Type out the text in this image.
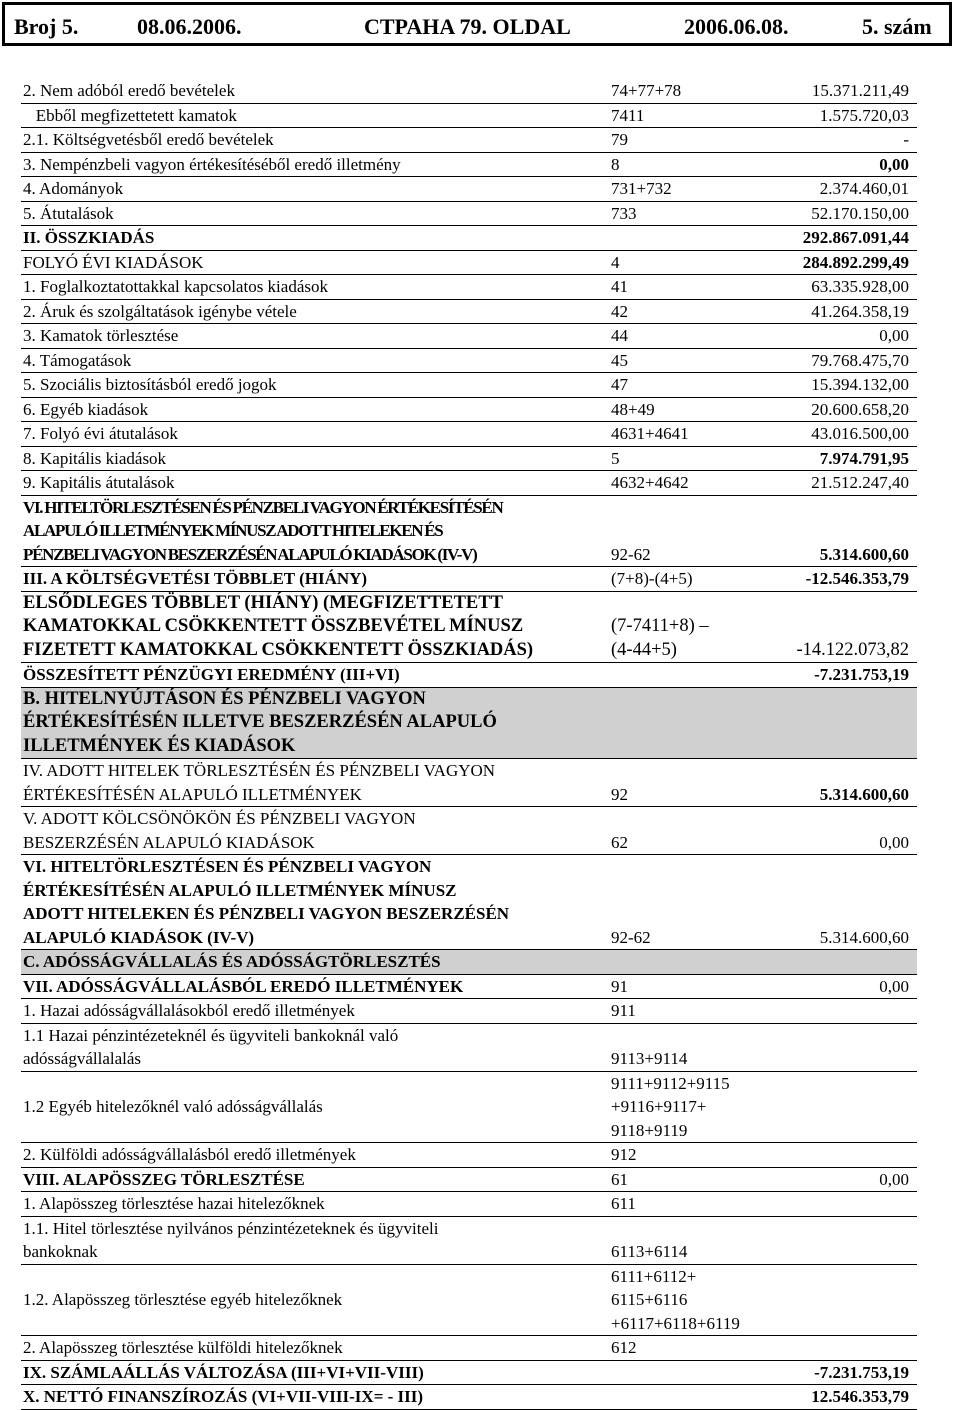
Broj 5.	08.06.2006.	CTPAHA 79. OLDAL	2006.06.08.	5. szám
2. Nem adóból eredő bevételek	74+77+78	15.371.211,49

Ebből megfizettetett kamatok	7411	1.575.720,03

2.1. Költségvetésből eredő bevételek	79	-

3. Nempénzbeli vagyon értékesítéséből eredő illetmény	8	0,00

4. Adományok	731+732	2.374.460,01

5. Átutalások	733	52.170.150,00

II. ÖSSZKIADÁS		292.867.091,44

FOLYÓ ÉVI KIADÁSOK	4	284.892.299,49

1. Foglalkoztatottakkal kapcsolatos kiadások	41	63.335.928,00

2. Áruk és szolgáltatások igénybe vétele	42	41.264.358,19

3. Kamatok törlesztése	44	0,00

4. Támogatások	45	79.768.475,70

5. Szociális biztosításból eredő jogok	47	15.394.132,00

6. Egyéb kiadások	48+49	20.600.658,20

7. Folyó évi átutalások	4631+4641	43.016.500,00

8. Kapitális kiadások	5	7.974.791,95

9. Kapitális átutalások	4632+4642	21.512.247,40

VI. HITELTÖRLESZTÉSEN ÉS PÉNZBELI VAGYON ÉRTÉKESÍTÉSÉN
ALAPULÓ ILLETMÉNYEK MÍNUSZ ADOTT HITELEKEN ÉS
PÉNZBELI VAGYON BESZERZÉSÉN ALAPULÓ KIADÁSOK (IV-V)	92-62	5.314.600,60

III. A KÖLTSÉGVETÉSI TÖBBLET (HIÁNY)	(7+8)-(4+5)	-12.546.353,79

ELSŐDLEGES TÖBBLET (HIÁNY) (MEGFIZETTETETT
KAMATOKKAL CSÖKKENTETT ÖSSZBEVÉTEL MÍNUSZ
FIZETETT KAMATOKKAL CSÖKKENTETT ÖSSZKIADÁS)	(7-7411+8) –
(4-44+5)	-14.122.073,82

ÖSSZESÍTETT PÉNZÜGYI EREDMÉNY (III+VI)		-7.231.753,19

B. HITELNYÚJTÁSON ÉS PÉNZBELI VAGYON
ÉRTÉKESÍTÉSÉN ILLETVE BESZERZÉSÉN ALAPULÓ
ILLETMÉNYEK ÉS KIADÁSOK		

IV. ADOTT HITELEK TÖRLESZTÉSÉN ÉS PÉNZBELI VAGYON
ÉRTÉKESÍTÉSÉN ALAPULÓ ILLETMÉNYEK	92	5.314.600,60

V. ADOTT KÖLCSÖNÖKÖN ÉS PÉNZBELI VAGYON
BESZERZÉSÉN ALAPULÓ KIADÁSOK	62	0,00

VI. HITELTÖRLESZTÉSEN ÉS PÉNZBELI VAGYON
ÉRTÉKESÍTÉSÉN ALAPULÓ ILLETMÉNYEK MÍNUSZ
ADOTT HITELEKEN ÉS PÉNZBELI VAGYON BESZERZÉSÉN
ALAPULÓ KIADÁSOK (IV-V)	92-62	5.314.600,60

C. ADÓSSÁGVÁLLALÁS ÉS ADÓSSÁGTÖRLESZTÉS		

VII. ADÓSSÁGVÁLLALÁSBÓL EREDÓ ILLETMÉNYEK	91	0,00

1. Hazai adósságvállalásokból eredő illetmények	911	

1.1 Hazai pénzintézeteknél és ügyviteli bankoknál való
adósságvállalalás	9113+9114	

1.2 Egyéb hitelezőknél való adósságvállalás	9111+9112+9115
+9116+9117+
9118+9119	

2. Külföldi adósságvállalásból eredő illetmények	912	

VIII. ALAPÖSSZEG TÖRLESZTÉSE	61	0,00

1. Alapösszeg törlesztése hazai hitelezőknek	611	

1.1. Hitel törlesztése nyilvános pénzintézeteknek és ügyviteli
bankoknak	6113+6114	

1.2. Alapösszeg törlesztése egyéb hitelezőknek	6111+6112+
6115+6116
+6117+6118+6119	

2. Alapösszeg törlesztése külföldi hitelezőknek	612	

IX. SZÁMLAÁLLÁS VÁLTOZÁSA (III+VI+VII-VIII)		-7.231.753,19

X. NETTÓ FINANSZÍROZÁS (VI+VII-VIII-IX= - III)		12.546.353,79
